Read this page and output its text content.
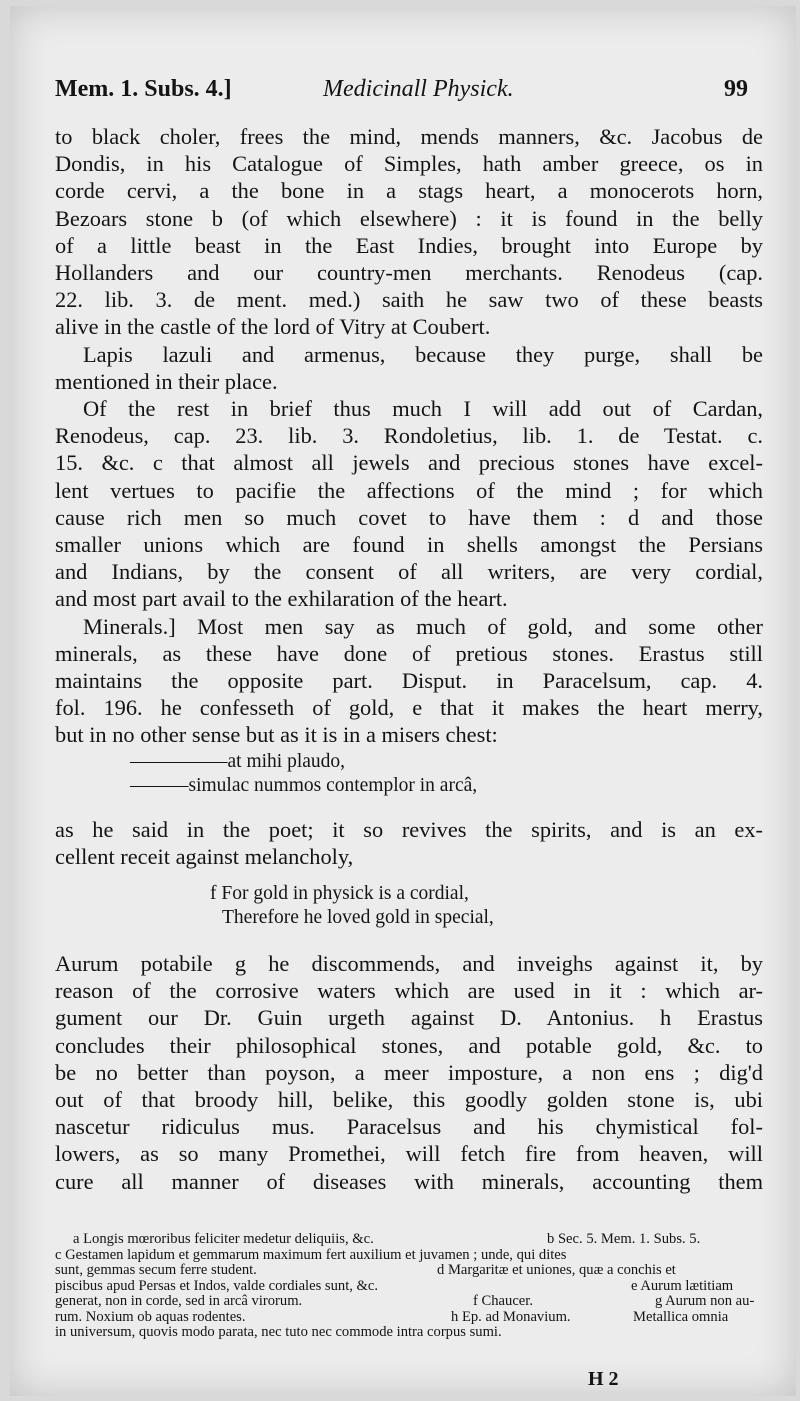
Mem. 1. Subs. 4.]	Medicinall Physick.	99

to black choler, frees the mind, mends manners, &c. Jacobus de

Dondis, in his Catalogue of Simples, hath amber greece, os in

corde cervi, a the bone in a stags heart, a monocerots horn,

Bezoars stone b (of which elsewhere) : it is found in the belly

of a little beast in the East Indies, brought into Europe by

Hollanders and our country-men merchants. Renodeus (cap.

22. lib. 3. de ment. med.) saith he saw two of these beasts

alive in the castle of the lord of Vitry at Coubert.

Lapis lazuli and armenus, because they purge, shall be

mentioned in their place.

Of the rest in brief thus much I will add out of Cardan,

Renodeus, cap. 23. lib. 3. Rondoletius, lib. 1. de Testat. c.

15. &c. c that almost all jewels and precious stones have excel-

lent vertues to pacifie the affections of the mind ; for which

cause rich men so much covet to have them : d and those

smaller unions which are found in shells amongst the Persians

and Indians, by the consent of all writers, are very cordial,

and most part avail to the exhilaration of the heart.

Minerals.] Most men say as much of gold, and some other

minerals, as these have done of pretious stones. Erastus still

maintains the opposite part. Disput. in Paracelsum, cap. 4.

fol. 196. he confesseth of gold, e that it makes the heart merry,

but in no other sense but as it is in a misers chest:

—————at mihi plaudo,
———simulac nummos contemplor in arcâ,

as he said in the poet; it so revives the spirits, and is an ex-

cellent receit against melancholy,

f For gold in physick is a cordial,
Therefore he loved gold in special,

Aurum potabile g he discommends, and inveighs against it, by

reason of the corrosive waters which are used in it : which ar-

gument our Dr. Guin urgeth against D. Antonius. h Erastus

concludes their philosophical stones, and potable gold, &c. to

be no better than poyson, a meer imposture, a non ens ; dig'd

out of that broody hill, belike, this goodly golden stone is, ubi

nascetur ridiculus mus. Paracelsus and his chymistical fol-

lowers, as so many Promethei, will fetch fire from heaven, will

cure all manner of diseases with minerals, accounting them

a Longis mœroribus feliciter medetur deliquiis, &c.	b Sec. 5. Mem. 1. Subs. 5.

c Gestamen lapidum et gemmarum maximum fert auxilium et juvamen ; unde, qui dites

sunt, gemmas secum ferre student.	d Margaritæ et uniones, quæ a conchis et

piscibus apud Persas et Indos, valde cordiales sunt, &c.	e Aurum lætitiam

generat, non in corde, sed in arcâ virorum.	f Chaucer.	g Aurum non au-

rum. Noxium ob aquas rodentes.	h Ep. ad Monavium.	Metallica omnia

in universum, quovis modo parata, nec tuto nec commode intra corpus sumi.

H 2
